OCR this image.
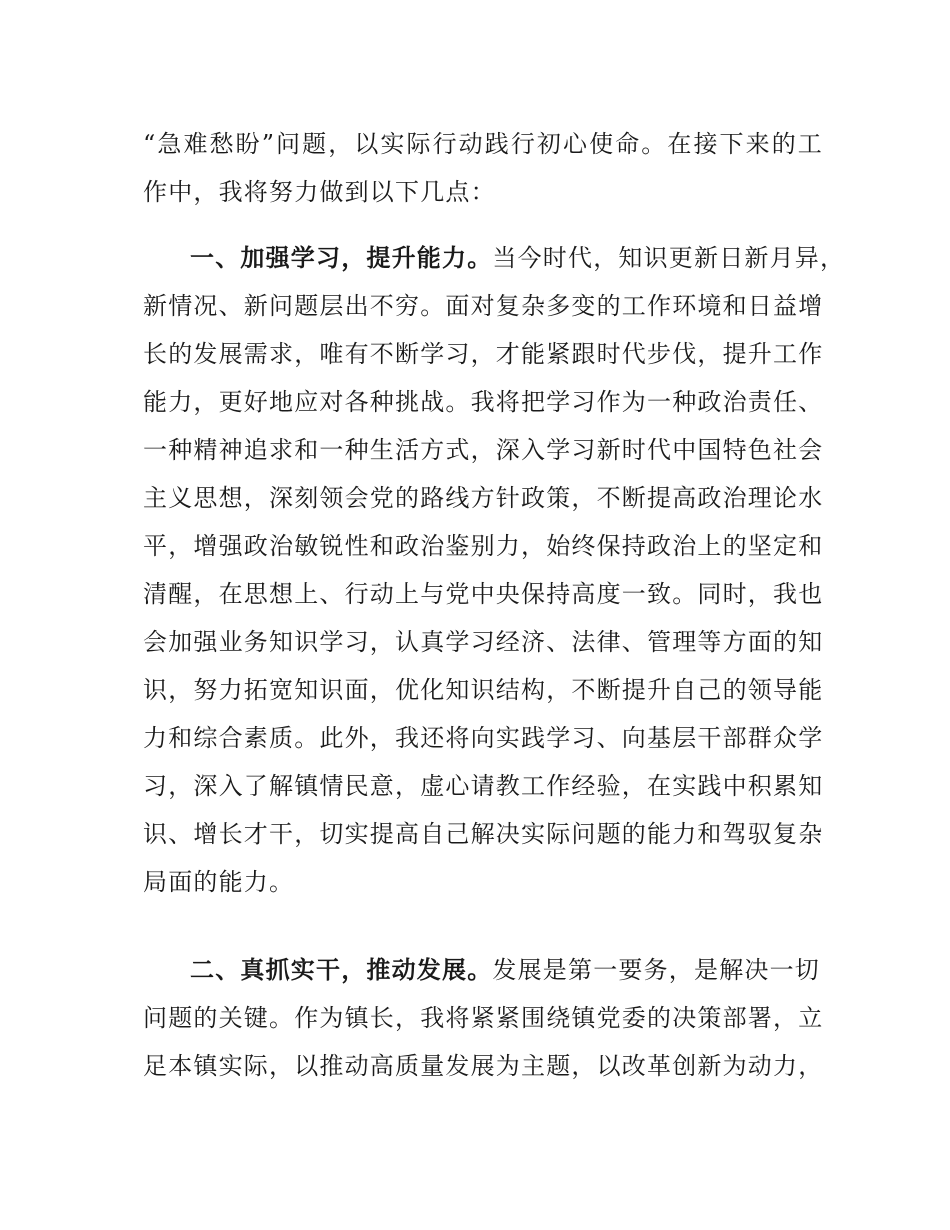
“急难愁盼”问题，以实际行动践行初心使命。在接下来的工
作中，我将努力做到以下几点：
一、加强学习，提升能力。当今时代，知识更新日新月异，
新情况、新问题层出不穷。面对复杂多变的工作环境和日益增
长的发展需求，唯有不断学习，才能紧跟时代步伐，提升工作
能力，更好地应对各种挑战。我将把学习作为一种政治责任、
一种精神追求和一种生活方式，深入学习新时代中国特色社会
主义思想，深刻领会党的路线方针政策，不断提高政治理论水
平，增强政治敏锐性和政治鉴别力，始终保持政治上的坚定和
清醒，在思想上、行动上与党中央保持高度一致。同时，我也
会加强业务知识学习，认真学习经济、法律、管理等方面的知
识，努力拓宽知识面，优化知识结构，不断提升自己的领导能
力和综合素质。此外，我还将向实践学习、向基层干部群众学
习，深入了解镇情民意，虚心请教工作经验，在实践中积累知
识、增长才干，切实提高自己解决实际问题的能力和驾驭复杂
局面的能力。
二、真抓实干，推动发展。发展是第一要务，是解决一切
问题的关键。作为镇长，我将紧紧围绕镇党委的决策部署，立
足本镇实际，以推动高质量发展为主题，以改革创新为动力，
